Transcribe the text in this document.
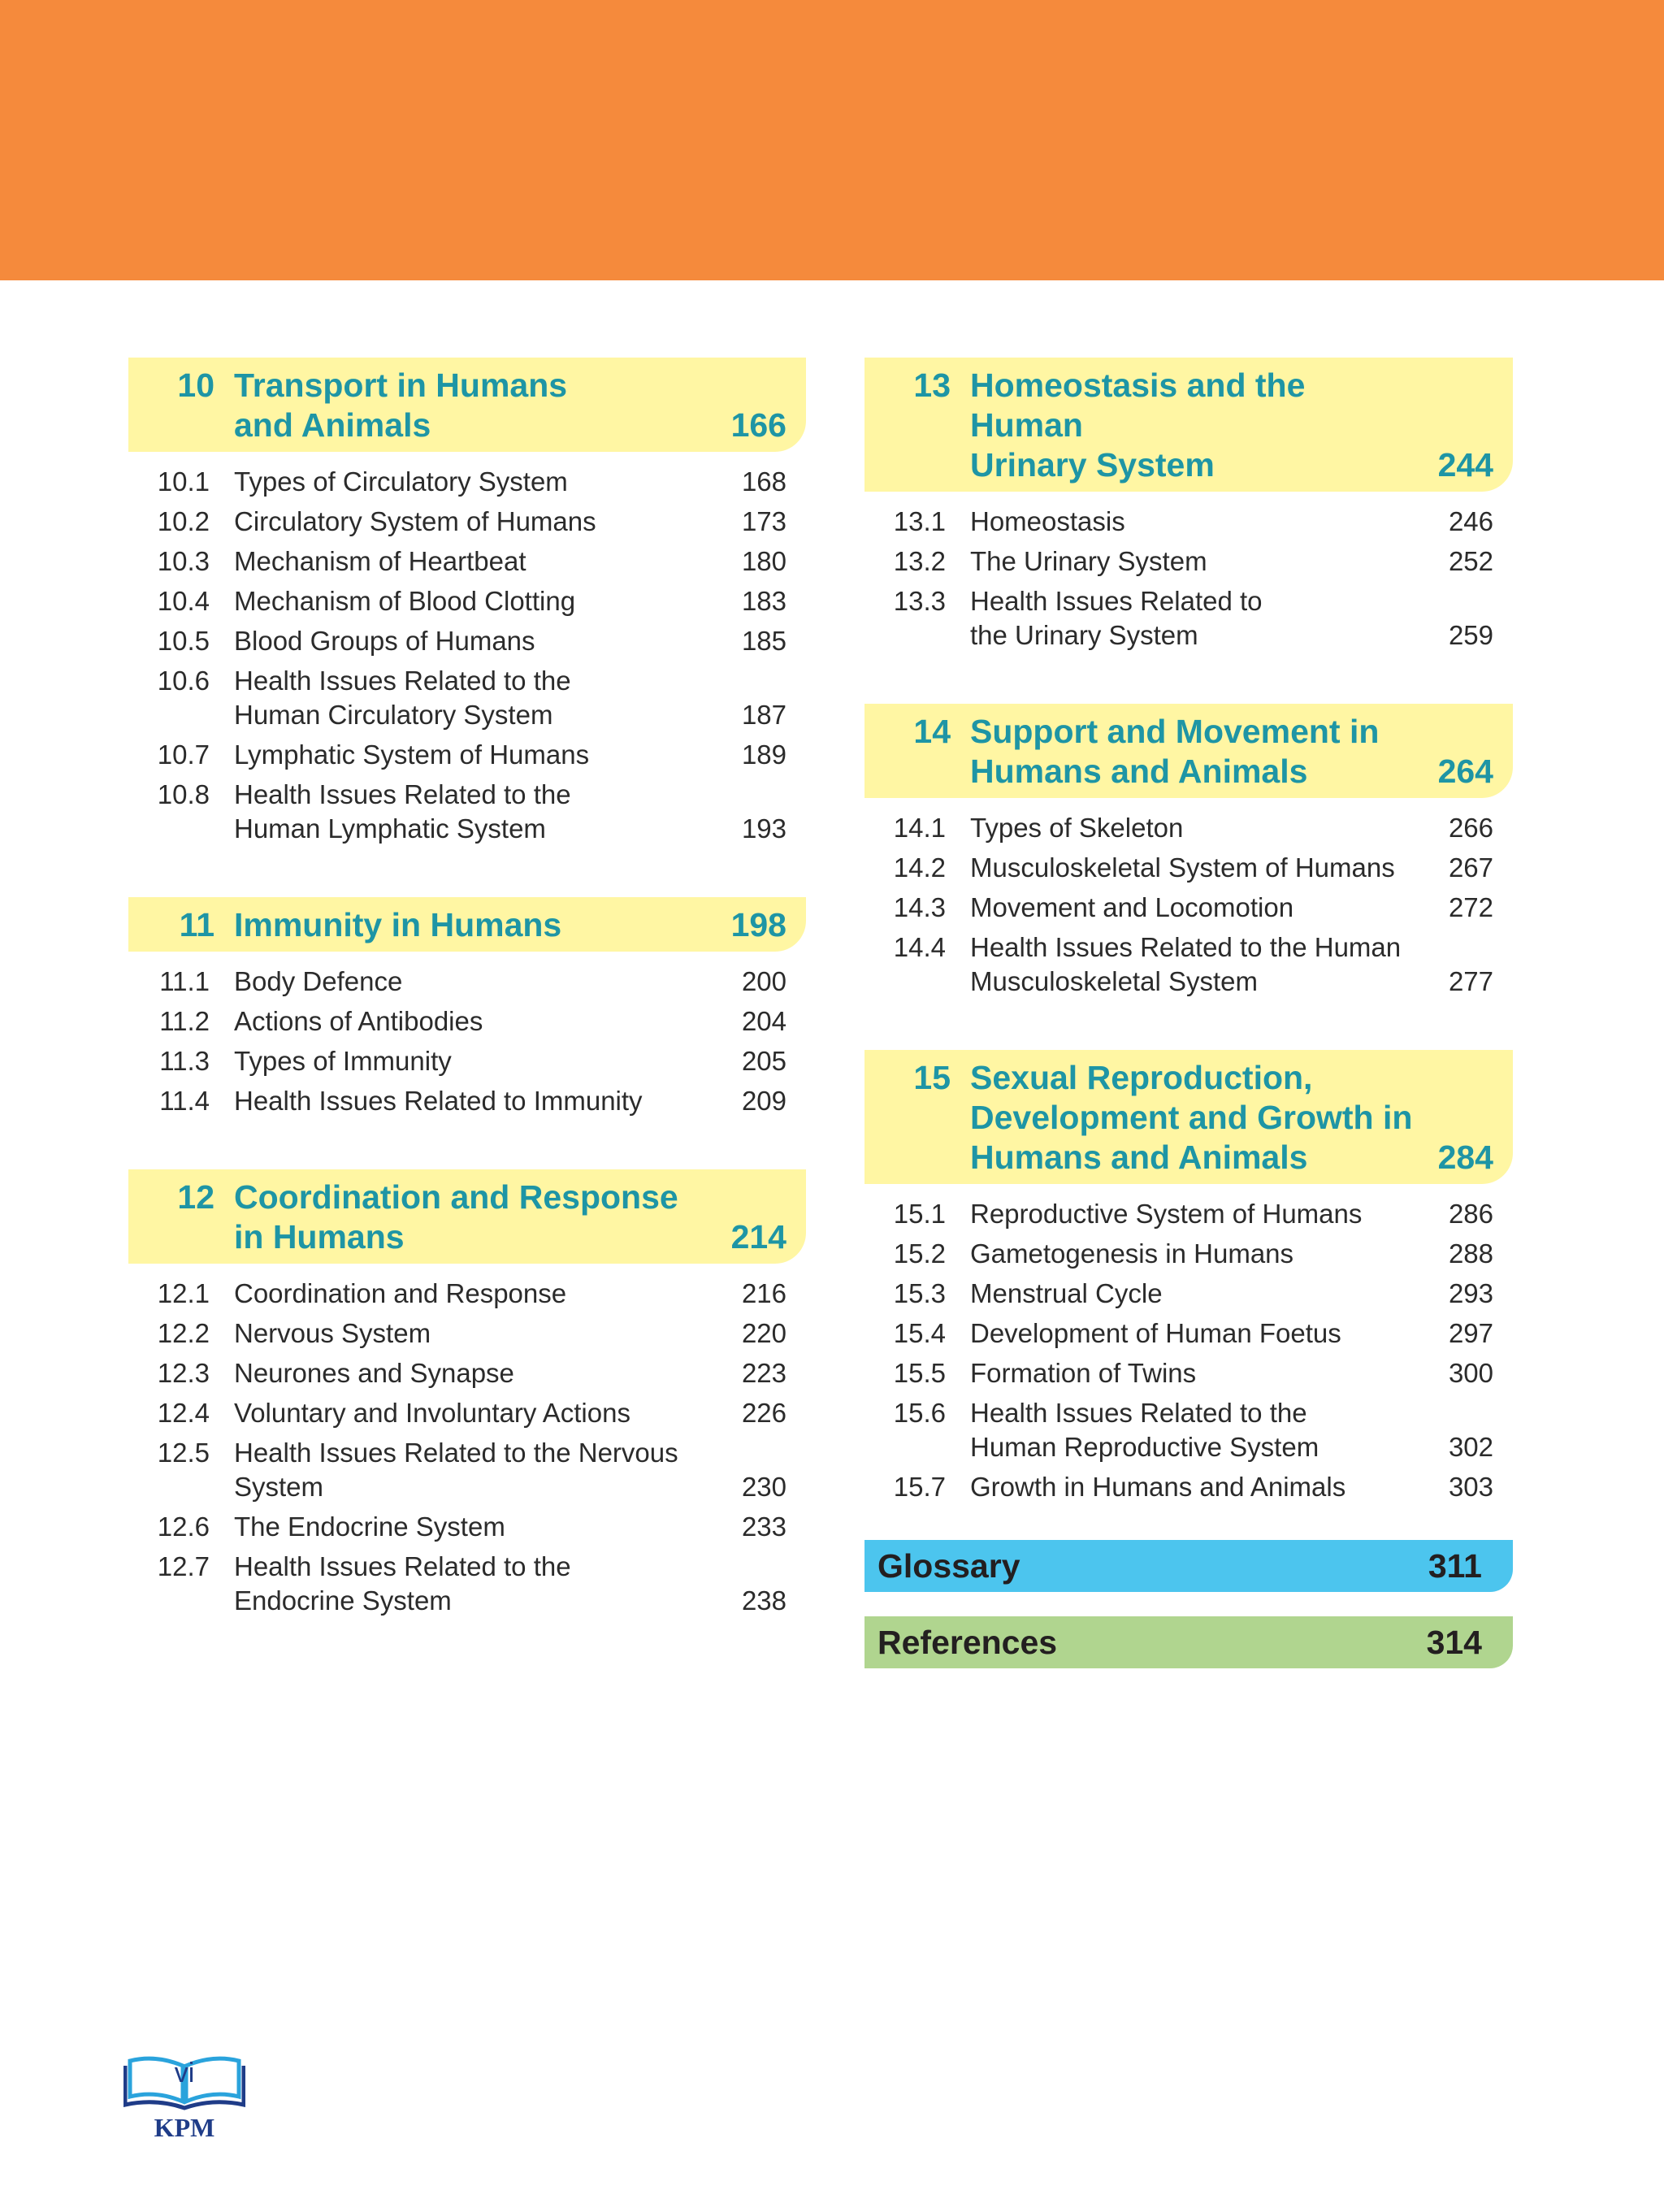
10 Transport in Humans
and Animals	166
10.1 Types of Circulatory System	168
10.2 Circulatory System of Humans	173
10.3 Mechanism of Heartbeat	180
10.4 Mechanism of Blood Clotting	183
10.5 Blood Groups of Humans	185
10.6 Health Issues Related to the
Human Circulatory System	187
10.7 Lymphatic System of Humans	189
10.8 Health Issues Related to the
Human Lymphatic System	193
11 Immunity in Humans	198
11.1 Body Defence	200
11.2 Actions of Antibodies	204
11.3 Types of Immunity	205
11.4 Health Issues Related to Immunity	209
12 Coordination and Response
in Humans	214
12.1 Coordination and Response	216
12.2 Nervous System	220
12.3 Neurones and Synapse	223
12.4 Voluntary and Involuntary Actions	226
12.5 Health Issues Related to the Nervous
System	230
12.6 The Endocrine System	233
12.7 Health Issues Related to the
Endocrine System	238
13 Homeostasis and the Human
Urinary System	244
13.1 Homeostasis	246
13.2 The Urinary System	252
13.3 Health Issues Related to
the Urinary System	259
14 Support and Movement in
Humans and Animals	264
14.1 Types of Skeleton	266
14.2 Musculoskeletal System of Humans	267
14.3 Movement and Locomotion	272
14.4 Health Issues Related to the Human
Musculoskeletal System	277
15 Sexual Reproduction,
Development and Growth in
Humans and Animals	284
15.1 Reproductive System of Humans	286
15.2 Gametogenesis in Humans	288
15.3 Menstrual Cycle	293
15.4 Development of Human Foetus	297
15.5 Formation of Twins	300
15.6 Health Issues Related to the
Human Reproductive System	302
15.7 Growth in Humans and Animals	303
Glossary	311
References	314
vi
KPM
